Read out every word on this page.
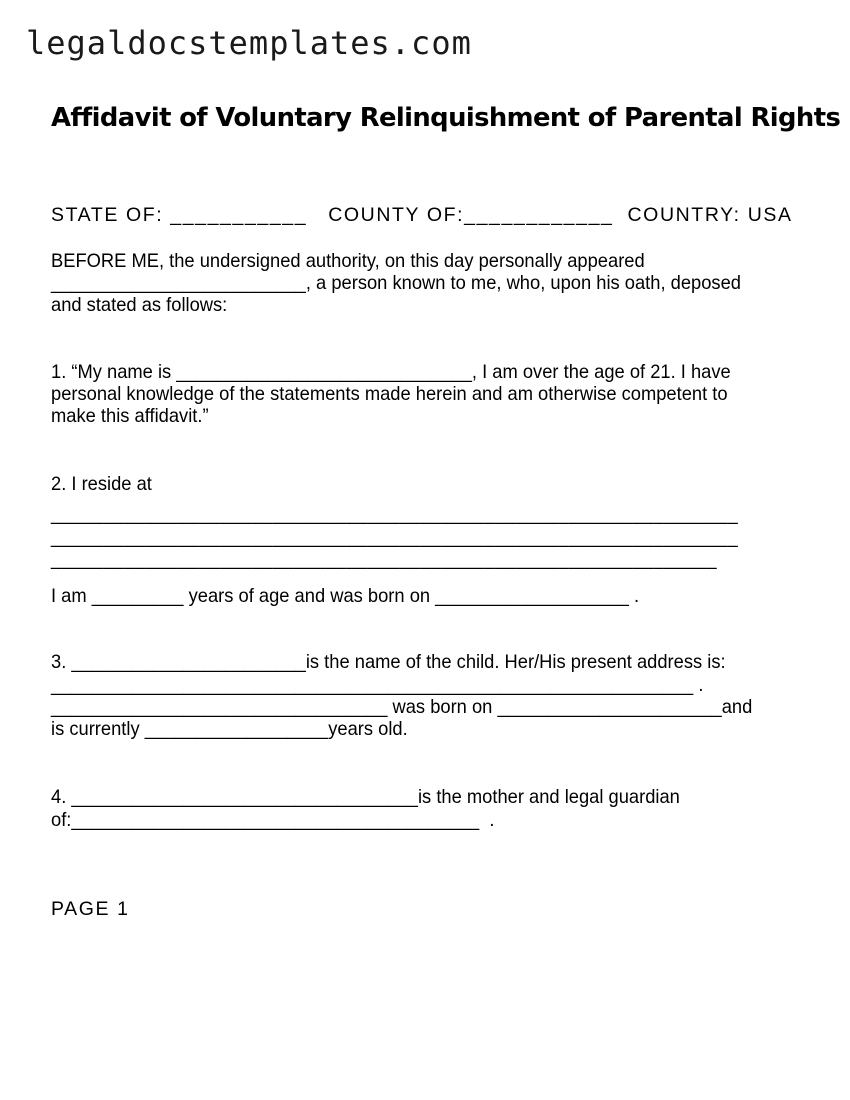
legaldocstemplates.com
Affidavit of Voluntary Relinquishment of Parental Rights
STATE OF: ___________   COUNTY OF:____________  COUNTRY: USA
BEFORE ME, the undersigned authority, on this day personally appeared
_________________________, a person known to me, who, upon his oath, deposed
and stated as follows:
1. “My name is _____________________________, I am over the age of 21. I have
personal knowledge of the statements made herein and am otherwise competent to
make this affidavit.”
2. I reside at
_________________________________________________________________
_________________________________________________________________
_______________________________________________________________
I am _________ years of age and was born on ___________________ .
3. _______________________is the name of the child. Her/His present address is:
_______________________________________________________________ .
_________________________________ was born on ______________________and
is currently __________________years old.
4. __________________________________is the mother and legal guardian
of:________________________________________  .
PAGE 1
